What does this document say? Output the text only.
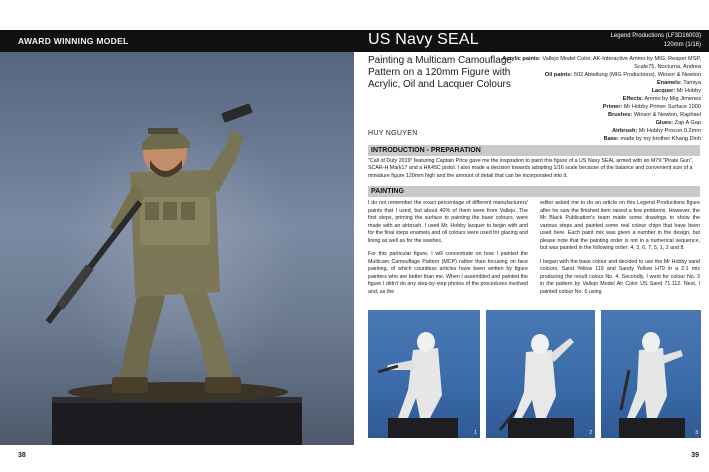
AWARD WINNING MODEL
38
US Navy SEAL	Legend Productions (LF3D16003)
120mm (1/16)
Painting a Multicam Camouflage Pattern on a 120mm Figure with Acrylic, Oil and Lacquer Colours
Acrylic paints: Vallejo Model Color, AK-Interactive Ammo by MIG, Reaper MSP, Scale75, Nocturna, Andrea
Oil paints: 502 Abteilung (MIG Productions), Winsor & Newton
Enamels: Tamiya
Lacquer: Mr Hobby
Effects: Ammo by Mig Jimenez
Primer: Mr Hobby Primer Surface 1000
Brushes: Winsor & Newton, Raphael
Glues: Zap A Gap
Airbrush: Mr Hobby Procon 0.2mm
Base: made by my brother Khang Dinh
HUY NGUYEN
INTRODUCTION - PREPARATION
"Call of Duty 2019" featuring Captain Price gave me the inspiration to paint this figure of a US Navy SEAL armed with an M79 "Pirate Gun", SCAR-H Mark17 and a HK45C pistol. I also made a decision towards adopting 1/16 scale because of the balance and convenient size of a miniature figure 120mm high and the amount of detail that can be incorporated into it.
PAINTING

I do not remember the exact percentage of different manufacturers' paints that I used, but about 40% of them were from Vallejo. The first steps, priming the surface to painting the base colours, were made with an airbrush. I used Mr. Hobby lacquer to begin with and for the final steps enamels and oil colours were used for glazing and lining as well as for the washes.

For this particular figure, I will concentrate on how I painted the Multicam Camouflage Pattern (MCP) rather than focusing on face painting, of which countless articles have been written by figure painters who are better than me. When I assembled and painted the figure I didn't do any step-by-step photos of the procedures involved and, as the

editor asked me to do an article on this Legend Productions figure after he saw the finished item raised a few problems. However, the Mr Black Publication's team made some drawings to show the various steps and painted some real colour chips that have been used here. Each paint mix was given a number in the design, but please note that the painting order is not in a numerical sequence, but was painted in the following order: 4, 3, 6, 7, 5, 1, 2 and 8.

I began with the base colour and decided to use the Mr Hobby sand colours, Sand Yellow 119 and Sandy Yellow H79 in a 2:1 mix producing the result colour No. 4. Secondly, I went for colour No. 3 in the pattern by Vallejo Model Air Color US Sand 71.112. Next, I painted colour No. 6 using

1	2	3
39
